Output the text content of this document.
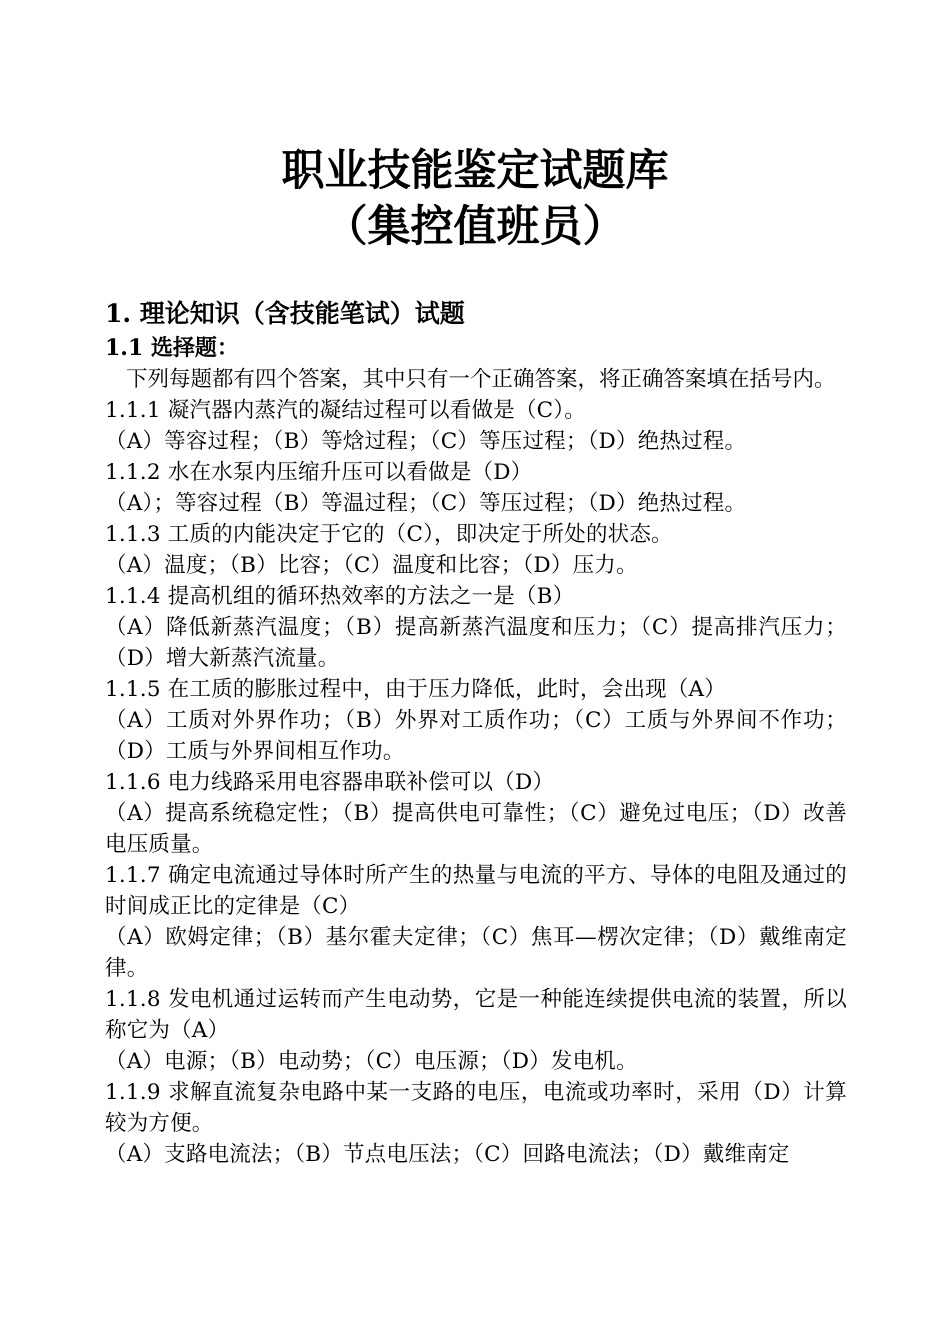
职业技能鉴定试题库
（集控值班员）
1. 理论知识（含技能笔试）试题
1.1 选择题：
下列每题都有四个答案，其中只有一个正确答案，将正确答案填在括号内。
1.1.1 凝汽器内蒸汽的凝结过程可以看做是（C）。
（A）等容过程；（B）等焓过程；（C）等压过程；（D）绝热过程。
1.1.2 水在水泵内压缩升压可以看做是（D）
（A）；等容过程（B）等温过程；（C）等压过程；（D）绝热过程。
1.1.3 工质的内能决定于它的（C），即决定于所处的状态。
（A）温度；（B）比容；（C）温度和比容；（D）压力。
1.1.4 提高机组的循环热效率的方法之一是（B）
（A）降低新蒸汽温度；（B）提高新蒸汽温度和压力；（C）提高排汽压力；（D）增大新蒸汽流量。
1.1.5 在工质的膨胀过程中，由于压力降低，此时，会出现（A）
（A）工质对外界作功；（B）外界对工质作功；（C）工质与外界间不作功；（D）工质与外界间相互作功。
1.1.6 电力线路采用电容器串联补偿可以（D）
（A）提高系统稳定性；（B）提高供电可靠性；（C）避免过电压；（D）改善电压质量。
1.1.7 确定电流通过导体时所产生的热量与电流的平方、导体的电阻及通过的时间成正比的定律是（C）
（A）欧姆定律；（B）基尔霍夫定律；（C）焦耳—楞次定律；（D）戴维南定律。
1.1.8 发电机通过运转而产生电动势，它是一种能连续提供电流的装置，所以称它为（A）
（A）电源；（B）电动势；（C）电压源；（D）发电机。
1.1.9 求解直流复杂电路中某一支路的电压，电流或功率时，采用（D）计算较为方便。
（A）支路电流法；（B）节点电压法；（C）回路电流法；（D）戴维南定
